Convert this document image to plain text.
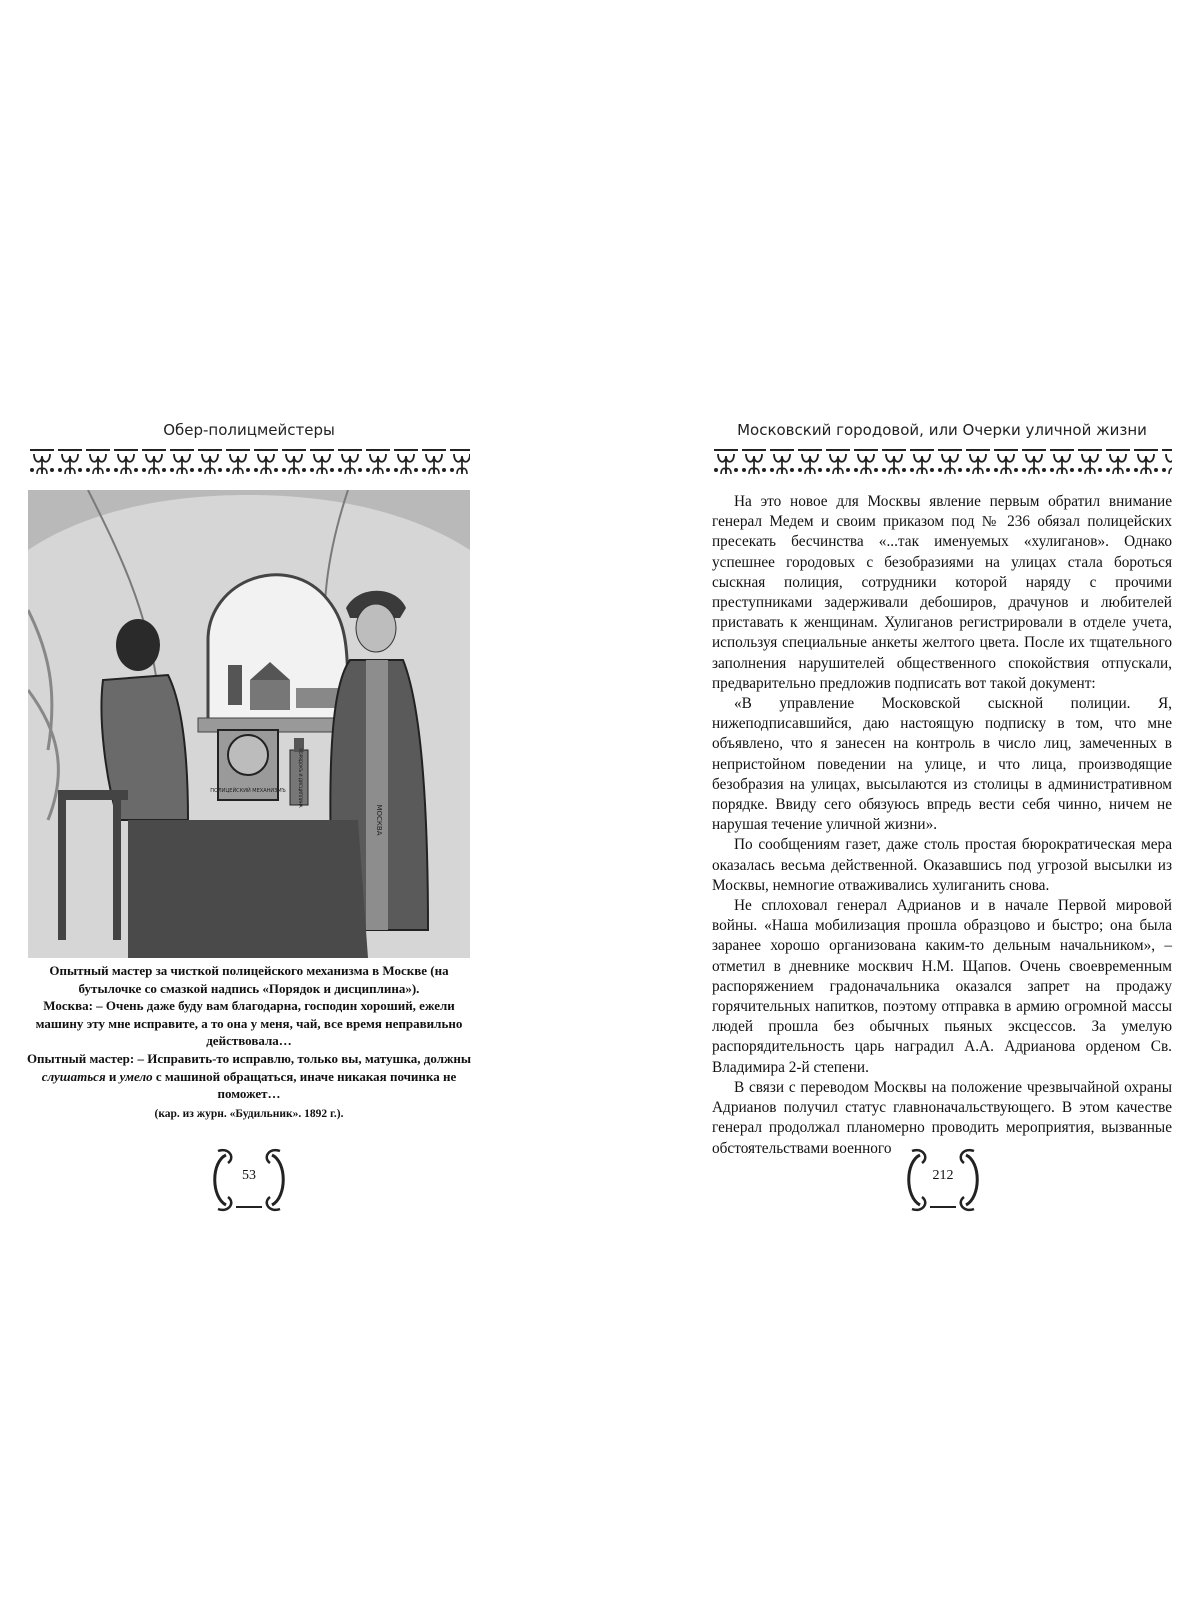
Обер-полицмейстеры
МОСКВА
ПОЛИЦЕЙСКИЙ МЕХАНИЗМЪ	ПОРЯДОКЪ И ДИСЦИПЛИНА

Опытный мастер за чисткой полицейского механизма в Москве (на бутылочке со смазкой надпись «Порядок и дисциплина»).

Москва: – Очень даже буду вам благодарна, господин хороший, ежели машину эту мне исправите, а то она у меня, чай, все время неправильно действовала…

Опытный мастер: – Исправить-то исправлю, только вы, матушка, должны слушаться и умело с машиной обращаться, иначе никакая починка не поможет…

(кар. из журн. «Будильник». 1892 г.).

53
Московский городовой, или Очерки уличной жизни

На это новое для Москвы явление первым обратил внимание генерал Медем и своим приказом под № 236 обязал полицейских пресекать бесчинства «...так именуемых «хулиганов». Однако успешнее городовых с безобразиями на улицах стала бороться сыскная полиция, сотрудники которой наряду с прочими преступниками задерживали дебоширов, драчунов и любителей приставать к женщинам. Хулиганов регистрировали в отделе учета, используя специальные анкеты желтого цвета. После их тщательного заполнения нарушителей общественного спокойствия отпускали, предварительно предложив подписать вот такой документ:

«В управление Московской сыскной полиции. Я, нижеподписавшийся, даю настоящую подписку в том, что мне объявлено, что я занесен на контроль в число лиц, замеченных в непристойном поведении на улице, и что лица, производящие безобразия на улицах, высылаются из столицы в административном порядке. Ввиду сего обязуюсь впредь вести себя чинно, ничем не нарушая течение уличной жизни».

По сообщениям газет, даже столь простая бюрократическая мера оказалась весьма действенной. Оказавшись под угрозой высылки из Москвы, немногие отваживались хулиганить снова.

Не сплоховал генерал Адрианов и в начале Первой мировой войны. «Наша мобилизация прошла образцово и быстро; она была заранее хорошо организована каким-то дельным начальником», – отметил в дневнике москвич Н.М. Щапов. Очень своевременным распоряжением градоначальника оказался запрет на продажу горячительных напитков, поэтому отправка в армию огромной массы людей прошла без обычных пьяных эксцессов. За умелую распорядительность царь наградил А.А. Адрианова орденом Св. Владимира 2-й степени.

В связи с переводом Москвы на положение чрезвычайной охраны Адрианов получил статус главноначальствующего. В этом качестве генерал продолжал планомерно проводить мероприятия, вызванные обстоятельствами военного

212
